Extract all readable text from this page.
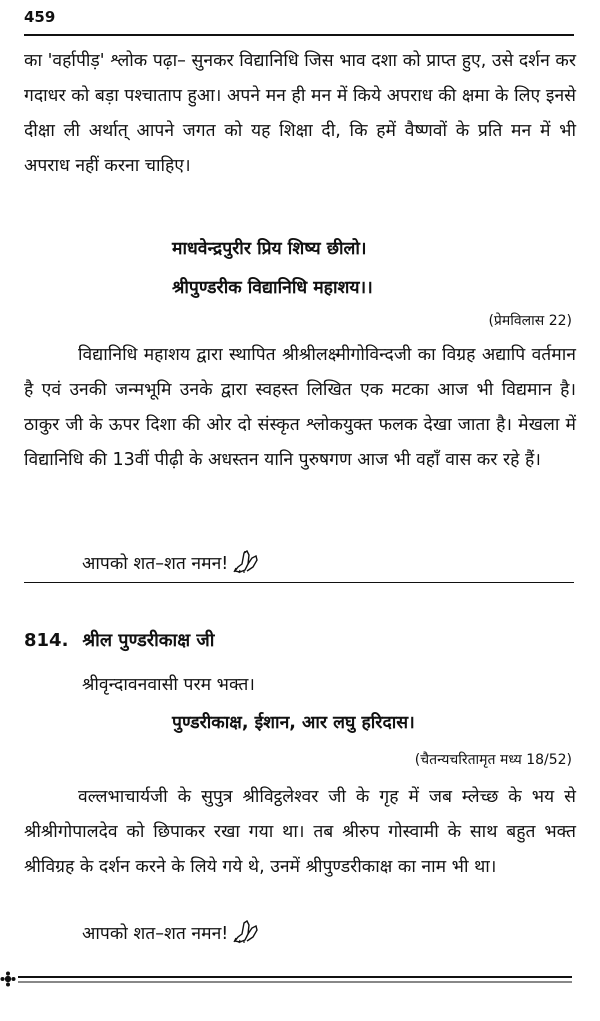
459

का 'वर्हापीड़' श्लोक पढ़ा– सुनकर विद्यानिधि जिस भाव दशा को प्राप्त हुए, उसे दर्शन कर गदाधर को बड़ा पश्चाताप हुआ। अपने मन ही मन में किये अपराध की क्षमा के लिए इनसे दीक्षा ली अर्थात् आपने जगत को यह शिक्षा दी, कि हमें वैष्णवों के प्रति मन में भी अपराध नहीं करना चाहिए।

माधवेन्द्रपुरीर प्रिय शिष्य छीलो।

श्रीपुण्डरीक विद्यानिधि महाशय।।

(प्रेमविलास 22)

विद्यानिधि महाशय द्वारा स्थापित श्रीश्रीलक्ष्मीगोविन्दजी का विग्रह अद्यापि वर्तमान है एवं उनकी जन्मभूमि उनके द्वारा स्वहस्त लिखित एक मटका आज भी विद्यमान है। ठाकुर जी के ऊपर दिशा की ओर दो संस्कृत श्लोकयुक्त फलक देखा जाता है। मेखला में विद्यानिधि की 13वीं पीढ़ी के अधस्तन यानि पुरुषगण आज भी वहाँ वास कर रहे हैं।

आपको शत–शत नमन!

814. श्रील पुण्डरीकाक्ष जी

श्रीवृन्दावनवासी परम भक्त।

पुण्डरीकाक्ष, ईशान, आर लघु हरिदास।

(चैतन्यचरितामृत मध्य 18/52)

वल्लभाचार्यजी के सुपुत्र श्रीविट्ठलेश्वर जी के गृह में जब म्लेच्छ के भय से श्रीश्रीगोपालदेव को छिपाकर रखा गया था। तब श्रीरुप गोस्वामी के साथ बहुत भक्त श्रीविग्रह के दर्शन करने के लिये गये थे, उनमें श्रीपुण्डरीकाक्ष का नाम भी था।

आपको शत–शत नमन!
